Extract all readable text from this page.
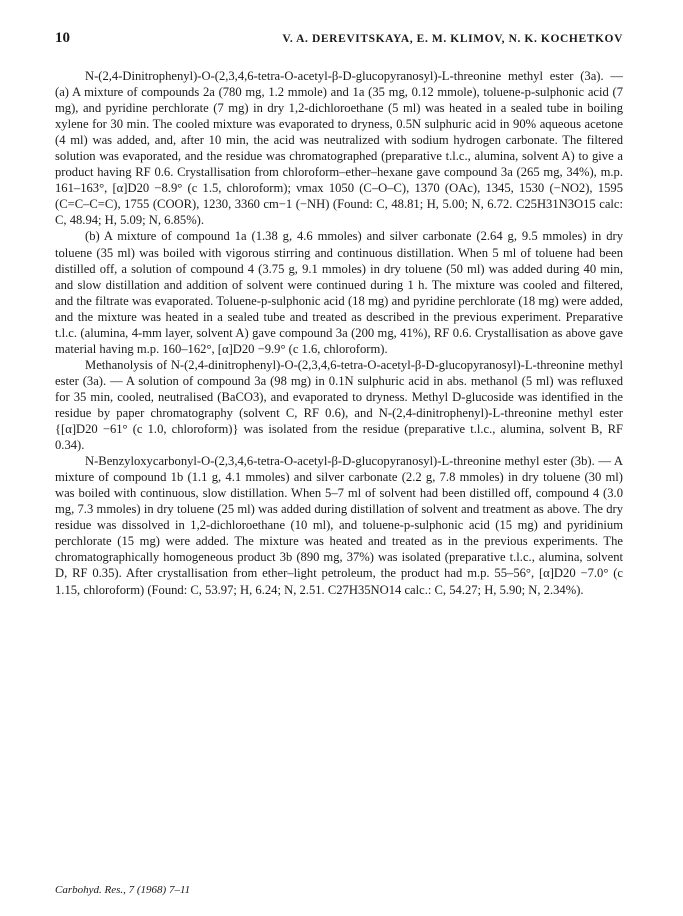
10	V. A. DEREVITSKAYA, E. M. KLIMOV, N. K. KOCHETKOV

N-(2,4-Dinitrophenyl)-O-(2,3,4,6-tetra-O-acetyl-β-D-glucopyranosyl)-L-threonine methyl ester (3a). — (a) A mixture of compounds 2a (780 mg, 1.2 mmole) and 1a (35 mg, 0.12 mmole), toluene-p-sulphonic acid (7 mg), and pyridine perchlorate (7 mg) in dry 1,2-dichloroethane (5 ml) was heated in a sealed tube in boiling xylene for 30 min. The cooled mixture was evaporated to dryness, 0.5N sulphuric acid in 90% aqueous acetone (4 ml) was added, and, after 10 min, the acid was neutralized with sodium hydrogen carbonate. The filtered solution was evaporated, and the residue was chromatographed (preparative t.l.c., alumina, solvent A) to give a product having RF 0.6. Crystallisation from chloroform–ether–hexane gave compound 3a (265 mg, 34%), m.p. 161–163°, [α]D20 −8.9° (c 1.5, chloroform); νmax 1050 (C–O–C), 1370 (OAc), 1345, 1530 (−NO2), 1595 (C=C–C=C), 1755 (COOR), 1230, 3360 cm−1 (−NH) (Found: C, 48.81; H, 5.00; N, 6.72. C25H31N3O15 calc: C, 48.94; H, 5.09; N, 6.85%).

(b) A mixture of compound 1a (1.38 g, 4.6 mmoles) and silver carbonate (2.64 g, 9.5 mmoles) in dry toluene (35 ml) was boiled with vigorous stirring and continuous distillation. When 5 ml of toluene had been distilled off, a solution of compound 4 (3.75 g, 9.1 mmoles) in dry toluene (50 ml) was added during 40 min, and slow distillation and addition of solvent were continued during 1 h. The mixture was cooled and filtered, and the filtrate was evaporated. Toluene-p-sulphonic acid (18 mg) and pyridine perchlorate (18 mg) were added, and the mixture was heated in a sealed tube and treated as described in the previous experiment. Preparative t.l.c. (alumina, 4-mm layer, solvent A) gave compound 3a (200 mg, 41%), RF 0.6. Crystallisation as above gave material having m.p. 160–162°, [α]D20 −9.9° (c 1.6, chloroform).

Methanolysis of N-(2,4-dinitrophenyl)-O-(2,3,4,6-tetra-O-acetyl-β-D-glucopyranosyl)-L-threonine methyl ester (3a). — A solution of compound 3a (98 mg) in 0.1N sulphuric acid in abs. methanol (5 ml) was refluxed for 35 min, cooled, neutralised (BaCO3), and evaporated to dryness. Methyl D-glucoside was identified in the residue by paper chromatography (solvent C, RF 0.6), and N-(2,4-dinitrophenyl)-L-threonine methyl ester {[α]D20 −61° (c 1.0, chloroform)} was isolated from the residue (preparative t.l.c., alumina, solvent B, RF 0.34).

N-Benzyloxycarbonyl-O-(2,3,4,6-tetra-O-acetyl-β-D-glucopyranosyl)-L-threonine methyl ester (3b). — A mixture of compound 1b (1.1 g, 4.1 mmoles) and silver carbonate (2.2 g, 7.8 mmoles) in dry toluene (30 ml) was boiled with continuous, slow distillation. When 5–7 ml of solvent had been distilled off, compound 4 (3.0 mg, 7.3 mmoles) in dry toluene (25 ml) was added during distillation of solvent and treatment as above. The dry residue was dissolved in 1,2-dichloroethane (10 ml), and toluene-p-sulphonic acid (15 mg) and pyridinium perchlorate (15 mg) were added. The mixture was heated and treated as in the previous experiments. The chromatographically homogeneous product 3b (890 mg, 37%) was isolated (preparative t.l.c., alumina, solvent D, RF 0.35). After crystallisation from ether–light petroleum, the product had m.p. 55–56°, [α]D20 −7.0° (c 1.15, chloroform) (Found: C, 53.97; H, 6.24; N, 2.51. C27H35NO14 calc.: C, 54.27; H, 5.90; N, 2.34%).

Carbohyd. Res., 7 (1968) 7–11
